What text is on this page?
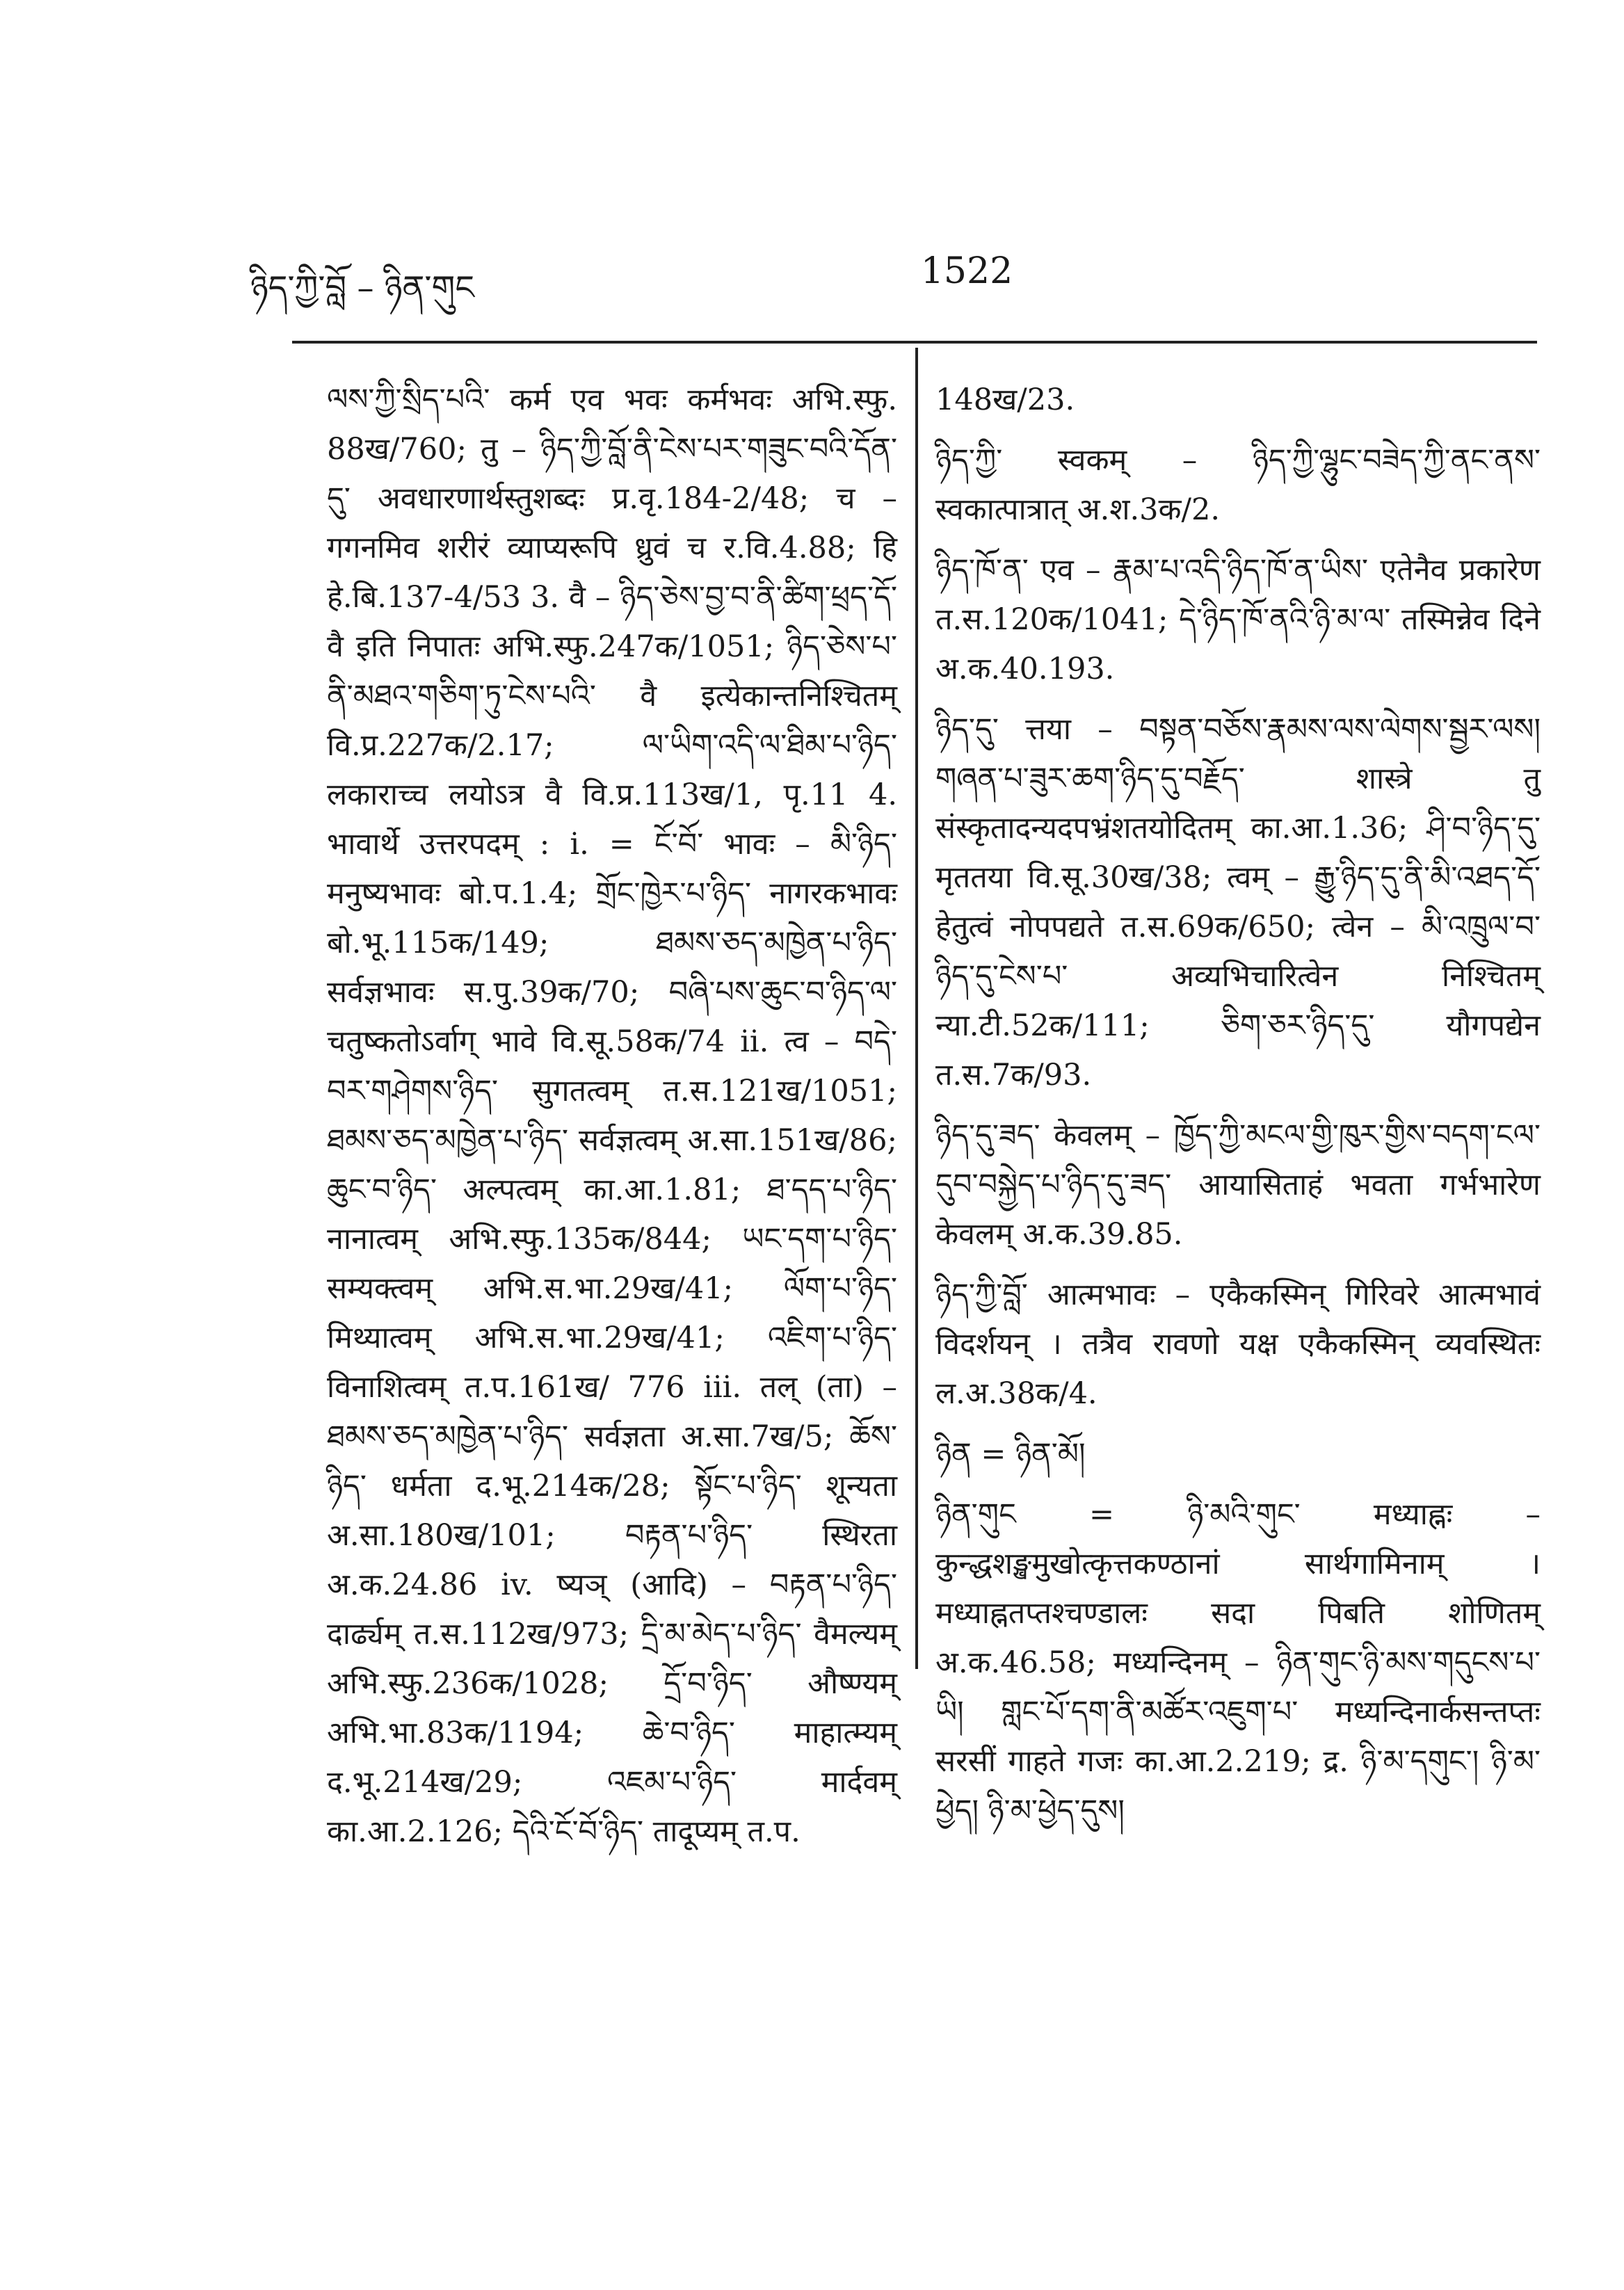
ཉིད་ཀྱི་བློ – ཉིན་གུང	1522

ལས་ཀྱི་སྲིད་པའི་ कर्म एव भवः कर्मभवः अभि.स्फु. 88ख/760; तु – ཉིད་ཀྱི་བློ་ནི་ངེས་པར་གཟུང་བའི་དོན་དུ་ अवधारणार्थस्तुशब्दः प्र.वृ.184-2/48; च – गगनमिव शरीरं व्याप्यरूपि ध्रुवं च र.वि.4.88; हि हे.बि.137-4/53 3. वै – ཉིད་ཅེས་བྱ་བ་ནི་ཚིག་ཕྲད་དོ་ वै इति निपातः अभि.स्फु.247क/1051; ཉིད་ཅེས་པ་ནི་མཐའ་གཅིག་ཏུ་ངེས་པའི་ वै इत्येकान्तनिश्चितम् वि.प्र.227क/2.17; ལ་ཡིག་འདི་ལ་ཐིམ་པ་ཉིད་ लकाराच्च लयोऽत्र वै वि.प्र.113ख/1, पृ.11 4. भावार्थे उत्तरपदम् : i. = ངོ་བོ་ भावः – མི་ཉིད་ मनुष्यभावः बो.प.1.4; གྲོང་ཁྱེར་པ་ཉིད་ नागरकभावः बो.भू.115क/149; ཐམས་ཅད་མཁྱེན་པ་ཉིད་ सर्वज्ञभावः स.पु.39क/70; བཞི་པས་ཆུང་བ་ཉིད་ལ་ चतुष्कतोऽर्वाग् भावे वि.सू.58क/74 ii. त्व – བདེ་བར་གཤེགས་ཉིད་ सुगतत्वम् त.स.121ख/1051; ཐམས་ཅད་མཁྱེན་པ་ཉིད་ सर्वज्ञत्वम् अ.सा.151ख/86; ཆུང་བ་ཉིད་ अल्पत्वम् का.आ.1.81; ཐ་དད་པ་ཉིད་ नानात्वम् अभि.स्फु.135क/844; ཡང་དག་པ་ཉིད་ सम्यक्त्वम् अभि.स.भा.29ख/41; ལོག་པ་ཉིད་ मिथ्यात्वम् अभि.स.भा.29ख/41; འཇིག་པ་ཉིད་ विनाशित्वम् त.प.161ख/ 776 iii. तल् (ता) – ཐམས་ཅད་མཁྱེན་པ་ཉིད་ सर्वज्ञता अ.सा.7ख/5; ཆོས་ཉིད་ धर्मता द.भू.214क/28; སྟོང་པ་ཉིད་ शून्यता अ.सा.180ख/101; བརྟན་པ་ཉིད་ स्थिरता अ.क.24.86 iv. ष्यञ् (आदि) – བརྟན་པ་ཉིད་ दार्ढ्यम् त.स.112ख/973; དྲི་མ་མེད་པ་ཉིད་ वैमल्यम् अभि.स्फु.236क/1028; དྲོ་བ་ཉིད་ औष्ण्यम् अभि.भा.83क/1194; ཆེ་བ་ཉིད་ माहात्म्यम् द.भू.214ख/29; འཇམ་པ་ཉིད་ मार्दवम् का.आ.2.126; དེའི་ངོ་བོ་ཉིད་ तादूप्यम् त.प.

148ख/23.

ཉིད་ཀྱི་ स्वकम् – ཉིད་ཀྱི་ལྷུང་བཟེད་ཀྱི་ནང་ནས་ स्वकात्पात्रात् अ.श.3क/2.

ཉིད་ཁོ་ན་ एव – རྣམ་པ་འདི་ཉིད་ཁོ་ན་ཡིས་ एतेनैव प्रकारेण त.स.120क/1041; དེ་ཉིད་ཁོ་ནའི་ཉི་མ་ལ་ तस्मिन्नेव दिने अ.क.40.193.

ཉིད་དུ་ त्तया – བསྟན་བཅོས་རྣམས་ལས་ལེགས་སྦྱར་ལས། གཞན་པ་ཟུར་ཆག་ཉིད་དུ་བརྗོད་ शास्त्रे तु संस्कृतादन्यदपभ्रंशतयोदितम् का.आ.1.36; ཤི་བ་ཉིད་དུ་ मृततया वि.सू.30ख/38; त्वम् – རྒྱུ་ཉིད་དུ་ནི་མི་འཐད་དོ་ हेतुत्वं नोपपद्यते त.स.69क/650; त्वेन – མི་འཁྲུལ་བ་ཉིད་དུ་ངེས་པ་ अव्यभिचारित्वेन निश्चितम् न्या.टी.52क/111; ཅིག་ཅར་ཉིད་དུ་ यौगपद्येन त.स.7क/93.

ཉིད་དུ་ཟད་ केवलम् – ཁྱོད་ཀྱི་མངལ་གྱི་ཁུར་གྱིས་བདག་ངལ་དུབ་བསྐྱེད་པ་ཉིད་དུ་ཟད་ आयासिताहं भवता गर्भभारेण केवलम् अ.क.39.85.

ཉིད་ཀྱི་བློ་ आत्मभावः – एकैकस्मिन् गिरिवरे आत्मभावं विदर्शयन् । तत्रैव रावणो यक्ष एकैकस्मिन् व्यवस्थितः ल.अ.38क/4.

ཉིན = ཉིན་མོ།

ཉིན་གུང = ཉི་མའི་གུང་ मध्याह्नः – कुन्द्धशङ्खमुखोत्कृत्तकण्ठानां सार्थगामिनाम् । मध्याह्नतप्तश्चण्डालः सदा पिबति शोणितम् अ.क.46.58; मध्यन्दिनम् – ཉིན་གུང་ཉི་མས་གདུངས་པ་ཡི། གླང་པོ་དག་ནི་མཚོར་འཇུག་པ་ मध्यन्दिनार्कसन्तप्तः सरसीं गाहते गजः का.आ.2.219; द्र. ཉི་མ་དགུང་། ཉི་མ་ཕྱེད། ཉི་མ་ཕྱེད་དུས།
